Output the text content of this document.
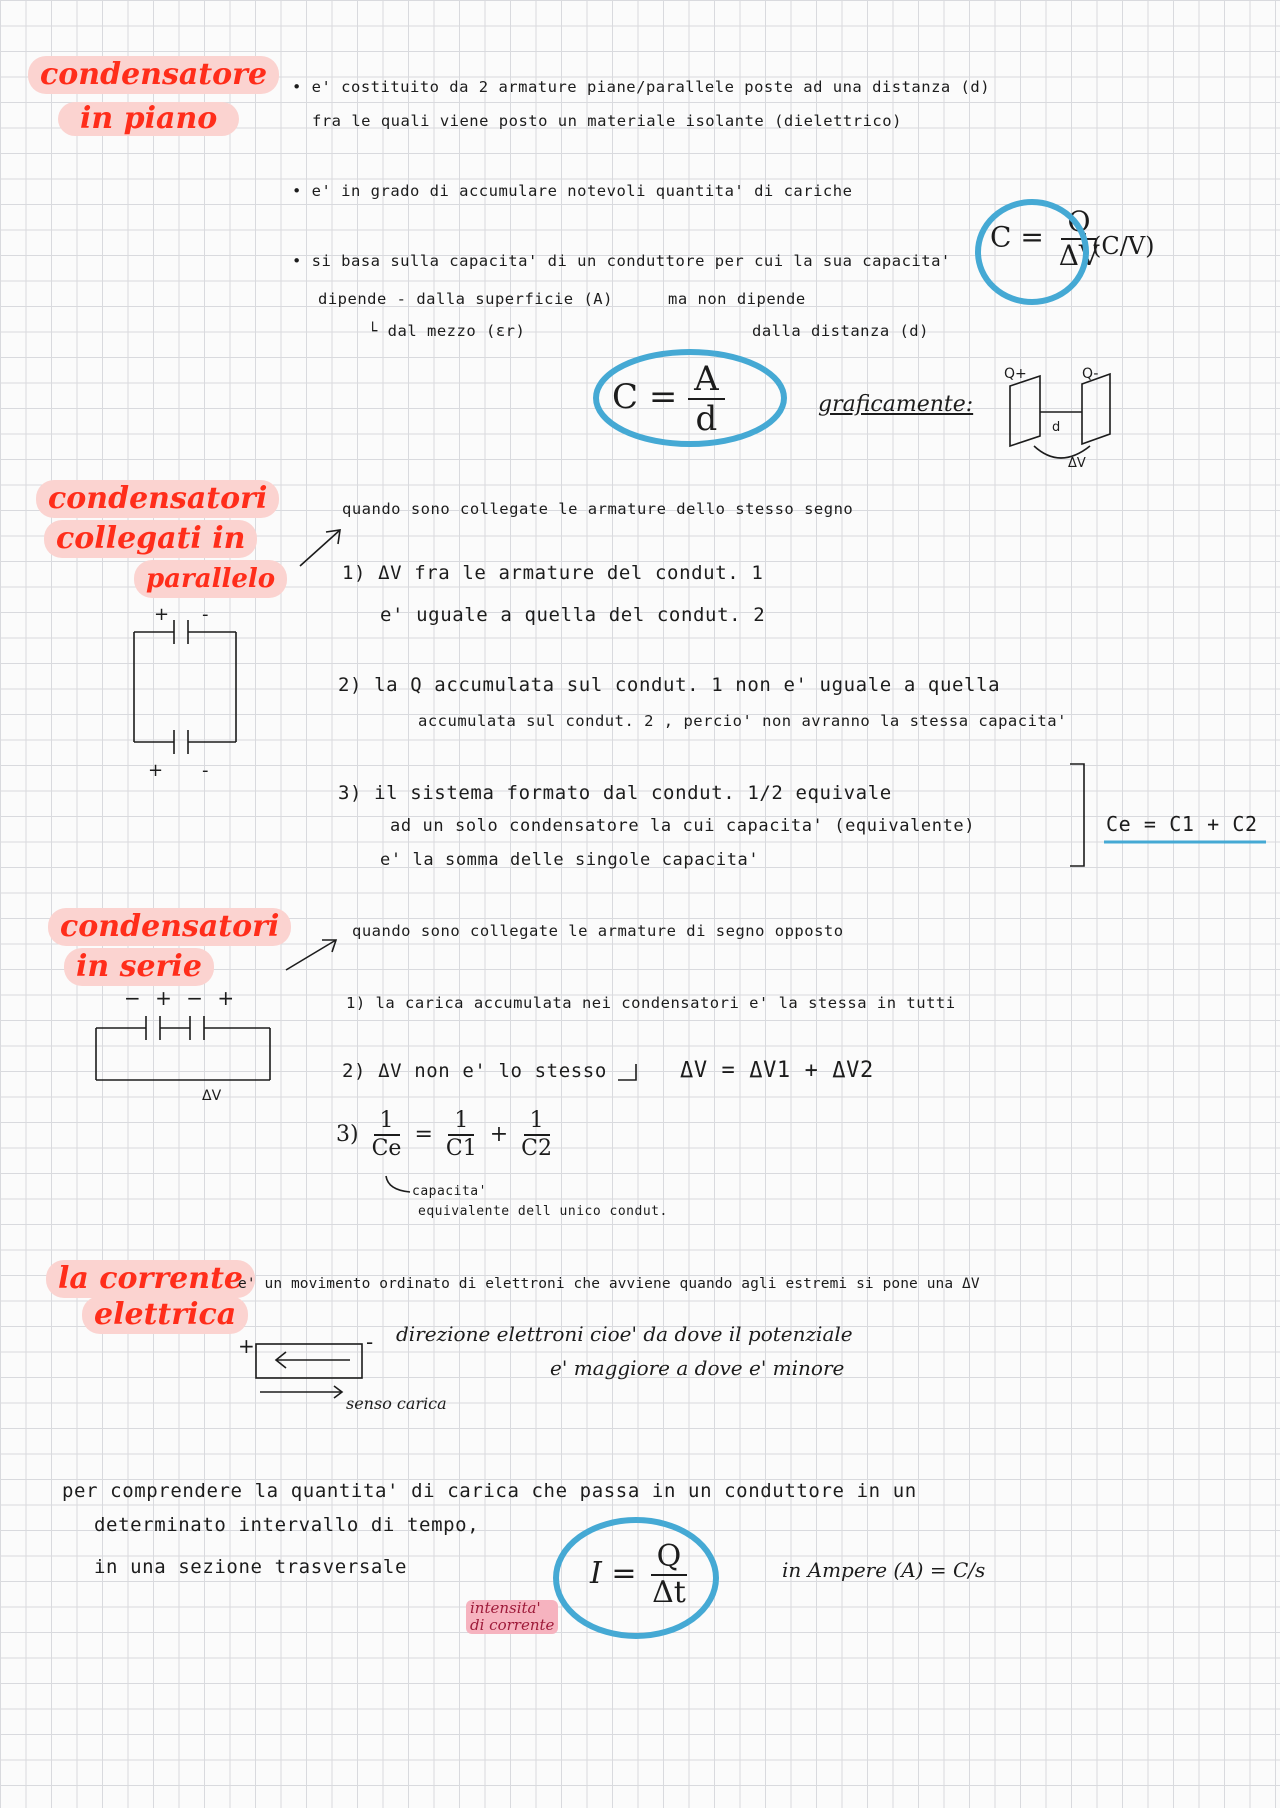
condensatore
in piano
• e' costituito da 2 armature piane/parallele poste ad una distanza (d)
fra le quali viene posto un materiale isolante (dielettrico)
• e' in grado di accumulare notevoli quantita' di cariche
• si basa sulla capacita' di un conduttore per cui la sua capacita'
dipende - dalla superficie (A)
└ dal mezzo (εr)
ma non dipende
dalla distanza (d)
$C = \frac{Q}{\Delta V}$
(C/V)
$C = \frac{A}{d}$	graficamente:
Q+	Q-
d
ΔV
condensatori
collegati in
parallelo
quando sono collegate le armature dello stesso segno
1) ΔV fra le armature del condut. 1
e' uguale a quella del condut. 2
2) la Q accumulata sul condut. 1 non e' uguale a quella
accumulata sul condut. 2 , percio' non avranno la stessa capacita'
3) il sistema formato dal condut. 1/2 equivale
ad un solo condensatore la cui capacita' (equivalente)
e' la somma delle singole capacita'
Ce = C1 + C2
+ -
+ -
condensatori
in serie
quando sono collegate le armature di segno opposto
1) la carica accumulata nei condensatori e' la stessa in tutti
2) ΔV non e' lo stesso	ΔV = ΔV1 + ΔV2
$3) \frac{1}{Ce} = \frac{1}{C1} + \frac{1}{C2}$
capacita'
equivalente dell unico condut.
− + − +
ΔV
la corrente
elettrica
e' un movimento ordinato di elettroni che avviene quando agli estremi si pone una ΔV
direzione elettroni cioe' da dove il potenziale
e' maggiore a dove e' minore
senso carica
+	-
per comprendere la quantita' di carica che passa in un conduttore in un
determinato intervallo di tempo,
in una sezione trasversale	$I = \frac{Q}{\Delta t}$	in Ampere (A) = C/s
intensita'
di corrente
